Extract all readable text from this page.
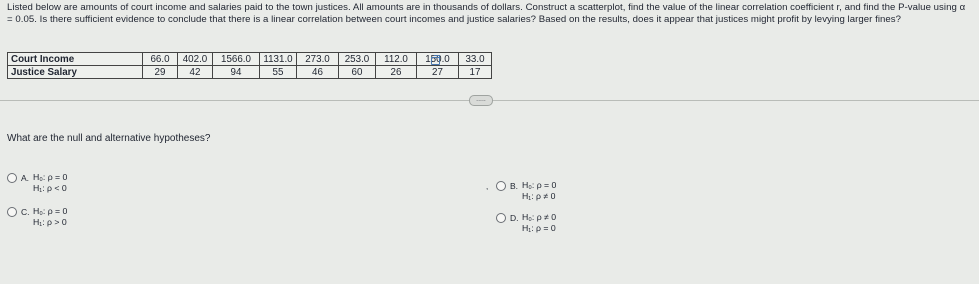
Listed below are amounts of court income and salaries paid to the town justices. All amounts are in thousands of dollars. Construct a scatterplot, find the value of the linear correlation coefficient r, and find the P-value using α = 0.05. Is there sufficient evidence to conclude that there is a linear correlation between court incomes and justice salaries? Based on the results, does it appear that justices might profit by levying larger fines?
Court Income	66.0	402.0	1566.0	1131.0	273.0	253.0	112.0	150.0	33.0
Justice Salary	29	42	94	55	46	60	26	27	17
.....
What are the null and alternative hypotheses?
A. H₀: ρ = 0
H₁: ρ < 0	,	B. H₀: ρ = 0
H₁: ρ ≠ 0
C. H₀: ρ = 0
H₁: ρ > 0	D. H₀: ρ ≠ 0
H₁: ρ = 0
